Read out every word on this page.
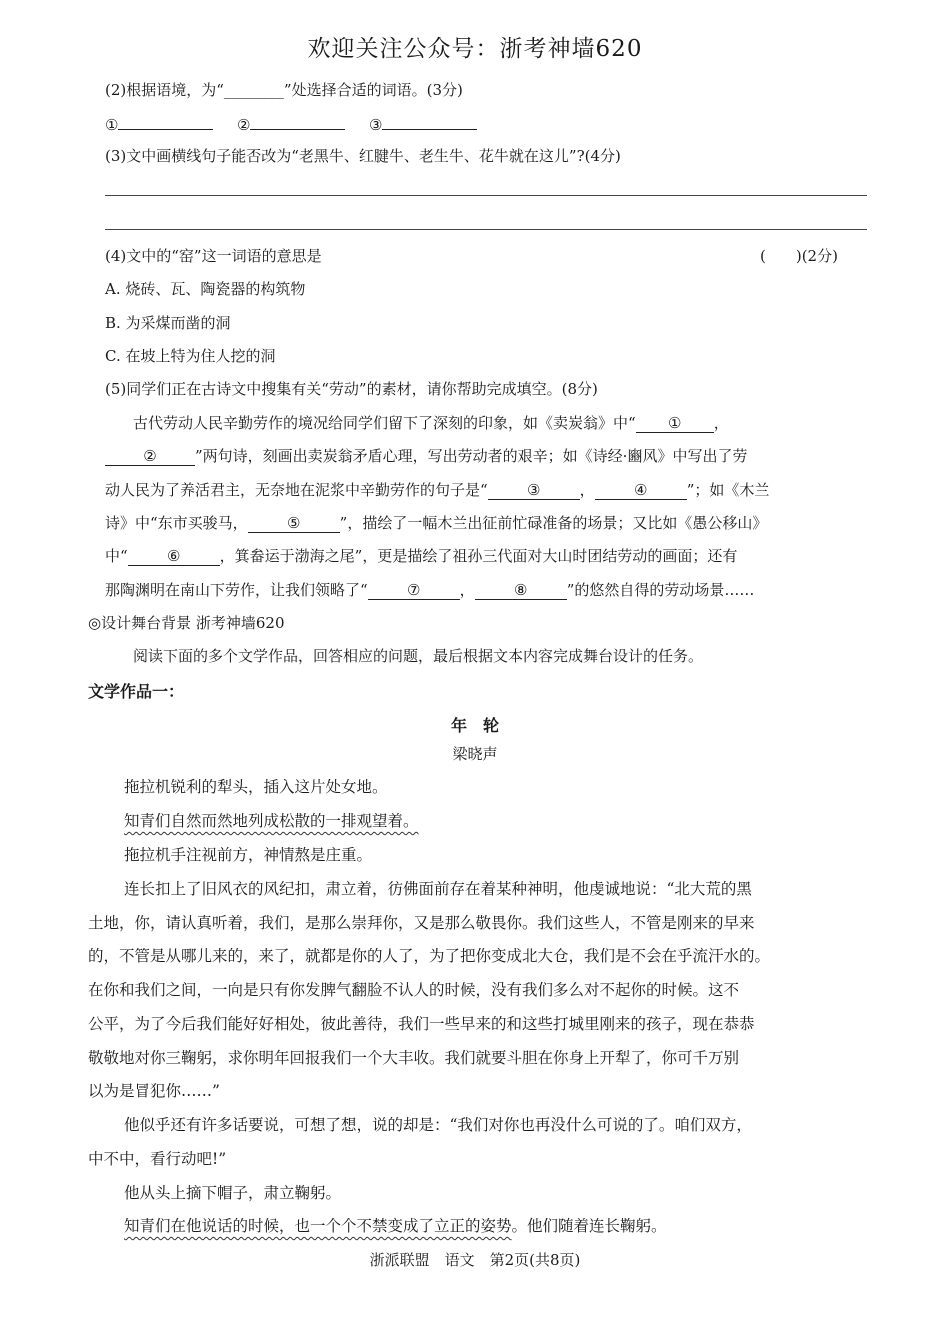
欢迎关注公众号：浙考神墙620
(2)根据语境，为“________”处选择合适的词语。(3分)
①	②	③
(3)文中画横线句子能否改为“老黑牛、红腱牛、老生牛、花牛就在这儿”?(4分)
(4)文中的“窑”这一词语的意思是	(　　)(2分)
A. 烧砖、瓦、陶瓷器的构筑物
B. 为采煤而凿的洞
C. 在坡上特为住人挖的洞
(5)同学们正在古诗文中搜集有关“劳动”的素材，请你帮助完成填空。(8分)
古代劳动人民辛勤劳作的境况给同学们留下了深刻的印象，如《卖炭翁》中“ ① ，
②	”两句诗，刻画出卖炭翁矛盾心理，写出劳动者的艰辛；如《诗经·豳风》中写出了劳
动人民为了养活君主，无奈地在泥浆中辛勤劳作的句子是“	③	，	④	”；如《木兰
诗》中“东市买骏马，	⑤	”，描绘了一幅木兰出征前忙碌准备的场景；又比如《愚公移山》
中“	⑥	，箕畚运于渤海之尾”，更是描绘了祖孙三代面对大山时团结劳动的画面；还有
那陶渊明在南山下劳作，让我们领略了“	⑦	，	⑧	”的悠然自得的劳动场景……
◎设计舞台背景 浙考神墙620
阅读下面的多个文学作品，回答相应的问题，最后根据文本内容完成舞台设计的任务。
文学作品一：
年　轮
梁晓声
拖拉机锐利的犁头，插入这片处女地。
知青们自然而然地列成松散的一排观望着。
拖拉机手注视前方，神情熬是庄重。
连长扣上了旧风衣的风纪扣，肃立着，彷佛面前存在着某种神明，他虔诚地说：“北大荒的黑
土地，你，请认真听着，我们，是那么崇拜你，又是那么敬畏你。我们这些人，不管是刚来的早来
的，不管是从哪儿来的，来了，就都是你的人了，为了把你变成北大仓，我们是不会在乎流汗水的。
在你和我们之间，一向是只有你发脾气翻脸不认人的时候，没有我们多么对不起你的时候。这不
公平，为了今后我们能好好相处，彼此善待，我们一些早来的和这些打城里刚来的孩子，现在恭恭
敬敬地对你三鞠躬，求你明年回报我们一个大丰收。我们就要斗胆在你身上开犁了，你可千万别
以为是冒犯你……”
他似乎还有许多话要说，可想了想，说的却是：“我们对你也再没什么可说的了。咱们双方，
中不中，看行动吧!”
他从头上摘下帽子，肃立鞠躬。
知青们在他说话的时候，也一个个不禁变成了立正的姿势。他们随着连长鞠躬。
浙派联盟　语文　第2页(共8页)
